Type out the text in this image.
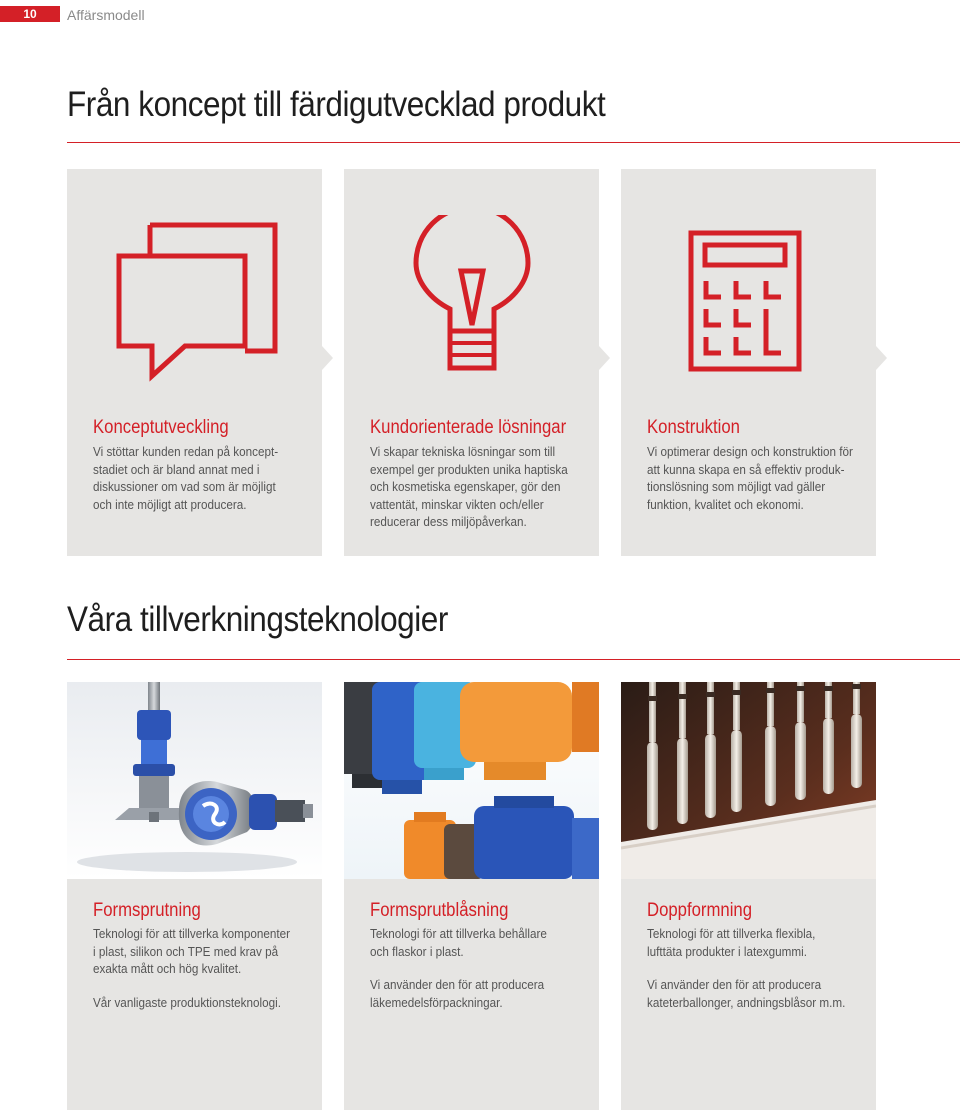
10	Affärsmodell
Från koncept till färdigutvecklad produkt
Konceptutveckling
Vi stöttar kunden redan på koncept-
stadiet och är bland annat med i
diskussioner om vad som är möjligt
och inte möjligt att producera.
Kundorienterade lösningar
Vi skapar tekniska lösningar som till
exempel ger produkten unika haptiska
och kosmetiska egenskaper, gör den
vattentät, minskar vikten och/eller
reducerar dess miljöpåverkan.
Konstruktion
Vi optimerar design och konstruktion för
att kunna skapa en så effektiv produk-
tionslösning som möjligt vad gäller
funktion, kvalitet och ekonomi.
Våra tillverkningsteknologier
Formsprutning

Teknologi för att tillverka komponenter
i plast, silikon och TPE med krav på
exakta mått och hög kvalitet.

Vår vanligaste produktionsteknologi.

Formsprutblåsning

Teknologi för att tillverka behållare
och flaskor i plast.

Vi använder den för att producera
läkemedelsförpackningar.

Doppformning

Teknologi för att tillverka flexibla,
lufttäta produkter i latexgummi.

Vi använder den för att producera
kateterballonger, andningsblåsor m.m.
